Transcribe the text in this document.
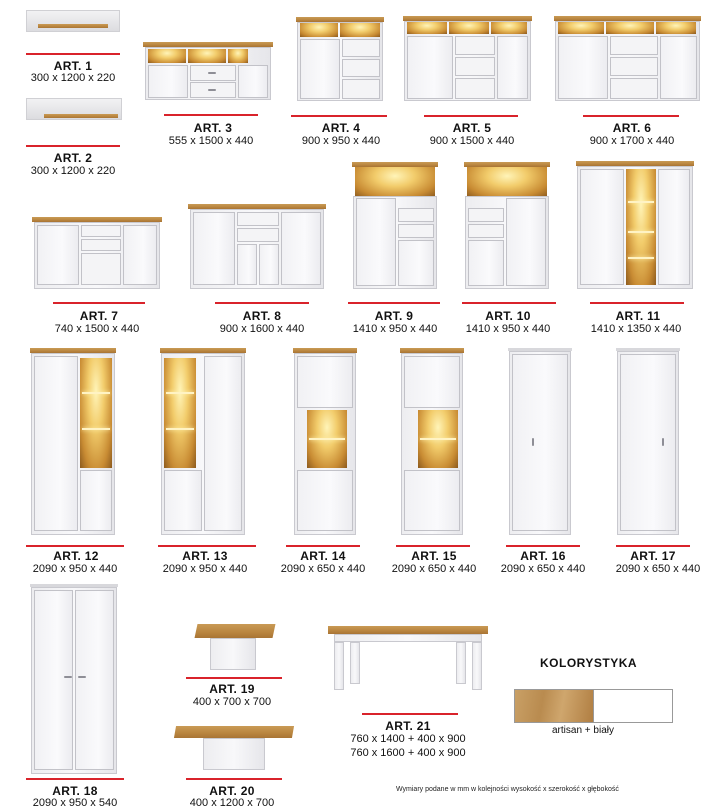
ART. 1
300 x 1200 x 220
ART. 2
300 x 1200 x 220
ART. 3
555 x 1500 x 440
ART. 4
900 x 950 x 440
ART. 5
900 x 1500 x 440
ART. 6
900 x 1700 x 440
ART. 7
740 x 1500 x 440
ART. 8
900 x 1600 x 440
ART. 9
1410 x 950 x 440
ART. 10
1410 x 950 x 440
ART. 11
1410 x 1350 x 440
ART. 12
2090 x 950 x 440
ART. 13
2090 x 950 x 440
ART. 14
2090 x 650 x 440
ART. 15
2090 x 650 x 440
ART. 16
2090 x 650 x 440
ART. 17
2090 x 650 x 440
ART. 18
2090 x 950 x 540
ART. 19
400 x 700 x 700
ART. 20
400 x 1200 x 700
ART. 21
760 x 1400 + 400 x 900
760 x 1600 + 400 x 900
KOLORYSTYKA
artisan + biały
Wymiary podane w mm w kolejności wysokość x szerokość x głębokość
